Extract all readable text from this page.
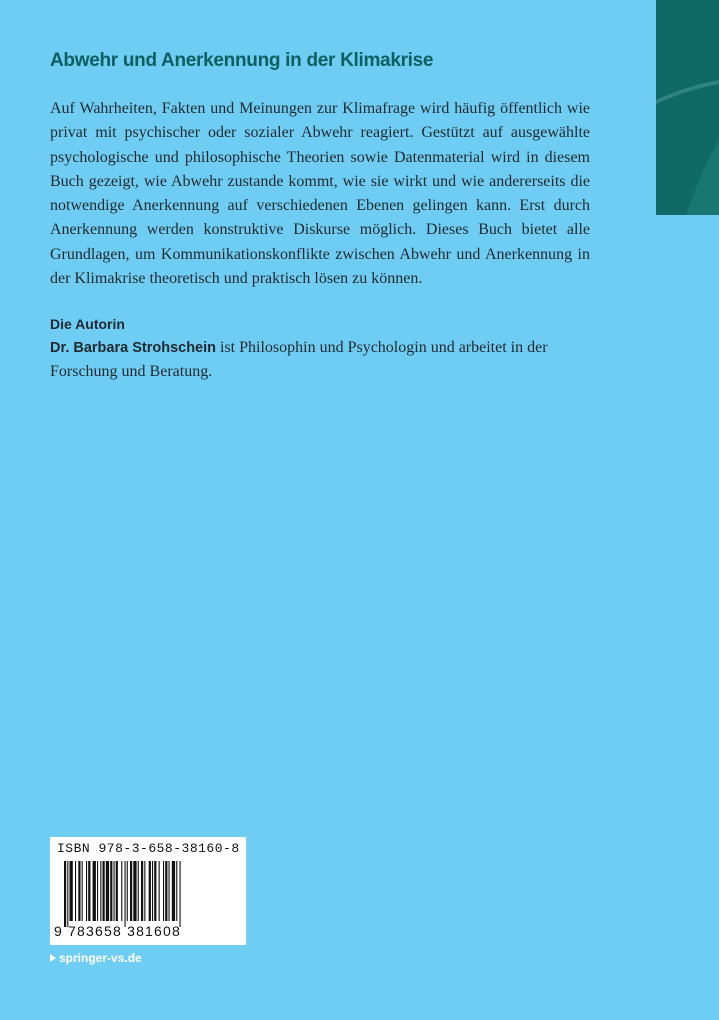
Abwehr und Anerkennung in der Klimakrise

Auf Wahrheiten, Fakten und Meinungen zur Klimafrage wird häufig öffentlich wie privat mit psychischer oder sozialer Abwehr reagiert. Gestützt auf ausgewählte psychologische und philosophische Theorien sowie Datenmaterial wird in diesem Buch gezeigt, wie Abwehr zustande kommt, wie sie wirkt und wie andererseits die notwendige Anerkennung auf verschiedenen Ebenen gelingen kann. Erst durch Anerkennung werden konstruktive Diskurse möglich. Dieses Buch bietet alle Grundlagen, um Kommunikationskonflikte zwischen Abwehr und Anerkennung in der Klimakrise theoretisch und praktisch lösen zu können.

Die Autorin

Dr. Barbara Strohschein ist Philosophin und Psychologin und arbeitet in der Forschung und Beratung.

ISBN 978-3-658-38160-8
9 783658 381608
springer-vs.de
